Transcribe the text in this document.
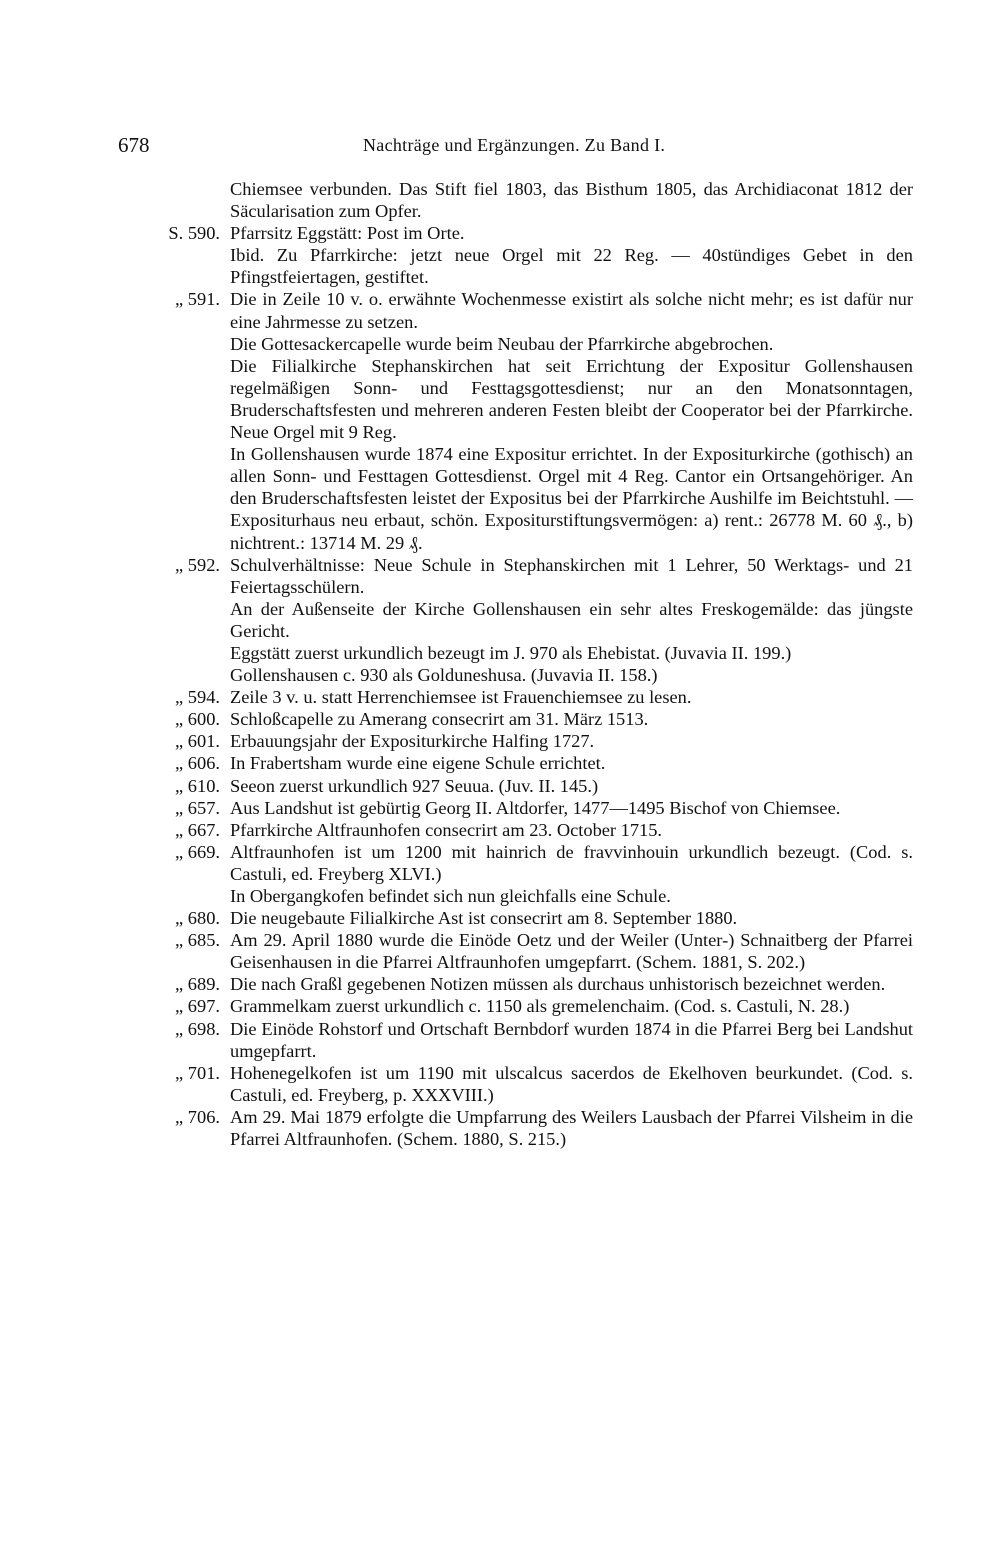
678	Nachträge und Ergänzungen. Zu Band I.
Chiemsee verbunden. Das Stift fiel 1803, das Bisthum 1805, das Archidiaconat 1812 der Säcularisation zum Opfer.
S. 590. Pfarrsitz Eggstätt: Post im Orte.
Ibid. Zu Pfarrkirche: jetzt neue Orgel mit 22 Reg. — 40stündiges Gebet in den Pfingstfeiertagen, gestiftet.
„ 591. Die in Zeile 10 v. o. erwähnte Wochenmesse existirt als solche nicht mehr; es ist dafür nur eine Jahrmesse zu setzen.
Die Gottesackercapelle wurde beim Neubau der Pfarrkirche abgebrochen.
Die Filialkirche Stephanskirchen hat seit Errichtung der Expositur Gollenshausen regelmäßigen Sonn- und Festtagsgottesdienst; nur an den Monatsonntagen, Bruderschaftsfesten und mehreren anderen Festen bleibt der Cooperator bei der Pfarrkirche. Neue Orgel mit 9 Reg.
In Gollenshausen wurde 1874 eine Expositur errichtet. In der Expositurkirche (gothisch) an allen Sonn- und Festtagen Gottesdienst. Orgel mit 4 Reg. Cantor ein Ortsangehöriger. An den Bruderschaftsfesten leistet der Expositus bei der Pfarrkirche Aushilfe im Beichtstuhl. — Expositurhaus neu erbaut, schön. Expositurstiftungsvermögen: a) rent.: 26778 M. 60 ₰., b) nichtrent.: 13714 M. 29 ₰.
„ 592. Schulverhältnisse: Neue Schule in Stephanskirchen mit 1 Lehrer, 50 Werktags- und 21 Feiertagsschülern.
An der Außenseite der Kirche Gollenshausen ein sehr altes Freskogemälde: das jüngste Gericht.
Eggstätt zuerst urkundlich bezeugt im J. 970 als Ehebistat. (Juvavia II. 199.)
Gollenshausen c. 930 als Golduneshusa. (Juvavia II. 158.)
„ 594. Zeile 3 v. u. statt Herrenchiemsee ist Frauenchiemsee zu lesen.
„ 600. Schloßcapelle zu Amerang consecrirt am 31. März 1513.
„ 601. Erbauungsjahr der Expositurkirche Halfing 1727.
„ 606. In Frabertsham wurde eine eigene Schule errichtet.
„ 610. Seeon zuerst urkundlich 927 Seuua. (Juv. II. 145.)
„ 657. Aus Landshut ist gebürtig Georg II. Altdorfer, 1477—1495 Bischof von Chiemsee.
„ 667. Pfarrkirche Altfraunhofen consecrirt am 23. October 1715.
„ 669. Altfraunhofen ist um 1200 mit hainrich de fravvinhouin urkundlich bezeugt. (Cod. s. Castuli, ed. Freyberg XLVI.)
In Obergangkofen befindet sich nun gleichfalls eine Schule.
„ 680. Die neugebaute Filialkirche Ast ist consecrirt am 8. September 1880.
„ 685. Am 29. April 1880 wurde die Einöde Oetz und der Weiler (Unter-) Schnaitberg der Pfarrei Geisenhausen in die Pfarrei Altfraunhofen umgepfarrt. (Schem. 1881, S. 202.)
„ 689. Die nach Graßl gegebenen Notizen müssen als durchaus unhistorisch bezeichnet werden.
„ 697. Grammelkam zuerst urkundlich c. 1150 als gremelenchaim. (Cod. s. Castuli, N. 28.)
„ 698. Die Einöde Rohstorf und Ortschaft Bernbdorf wurden 1874 in die Pfarrei Berg bei Landshut umgepfarrt.
„ 701. Hohenegelkofen ist um 1190 mit ulscalcus sacerdos de Ekelhoven beurkundet. (Cod. s. Castuli, ed. Freyberg, p. XXXVIII.)
„ 706. Am 29. Mai 1879 erfolgte die Umpfarrung des Weilers Lausbach der Pfarrei Vilsheim in die Pfarrei Altfraunhofen. (Schem. 1880, S. 215.)
